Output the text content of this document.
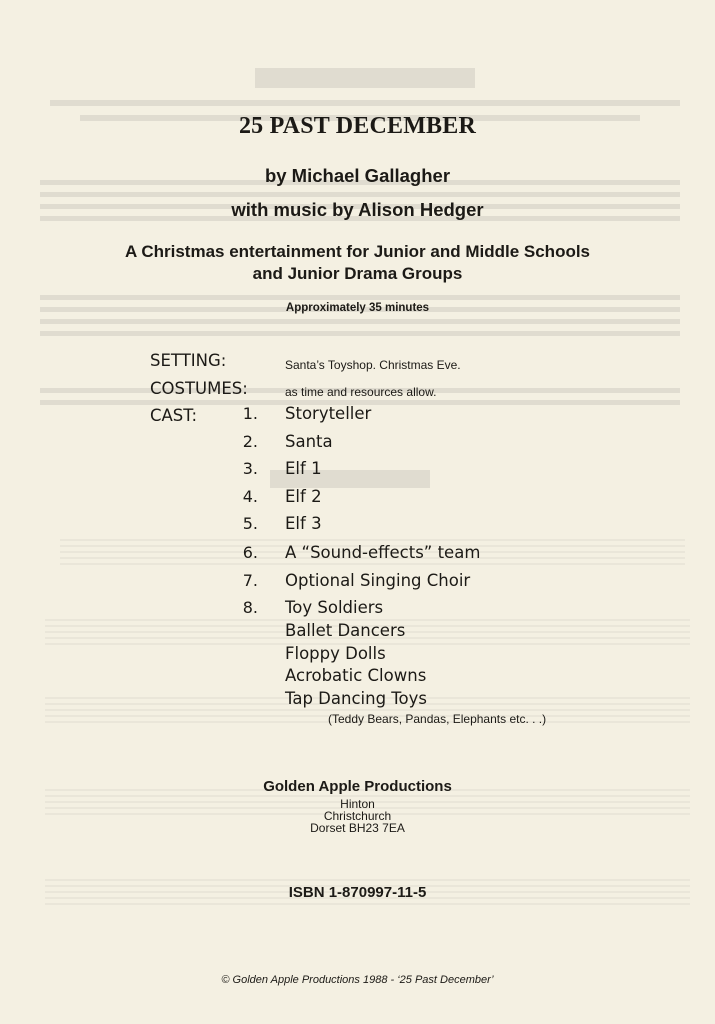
25 PAST DECEMBER
by Michael Gallagher
with music by Alison Hedger
A Christmas entertainment for Junior and Middle Schools
and Junior Drama Groups
Approximately 35 minutes
SETTING:	Santa’s Toyshop. Christmas Eve.
COSTUMES:	as time and resources allow.
CAST:	1. Storyteller
2. Santa
3. Elf 1
4. Elf 2
5. Elf 3
6. A “Sound-effects” team
7. Optional Singing Choir
8. Toy Soldiers
Ballet Dancers
Floppy Dolls
Acrobatic Clowns
Tap Dancing Toys
(Teddy Bears, Pandas, Elephants etc. . .)
Golden Apple Productions
Hinton
Christchurch
Dorset BH23 7EA
ISBN 1-870997-11-5
© Golden Apple Productions 1988 - ‘25 Past December’
